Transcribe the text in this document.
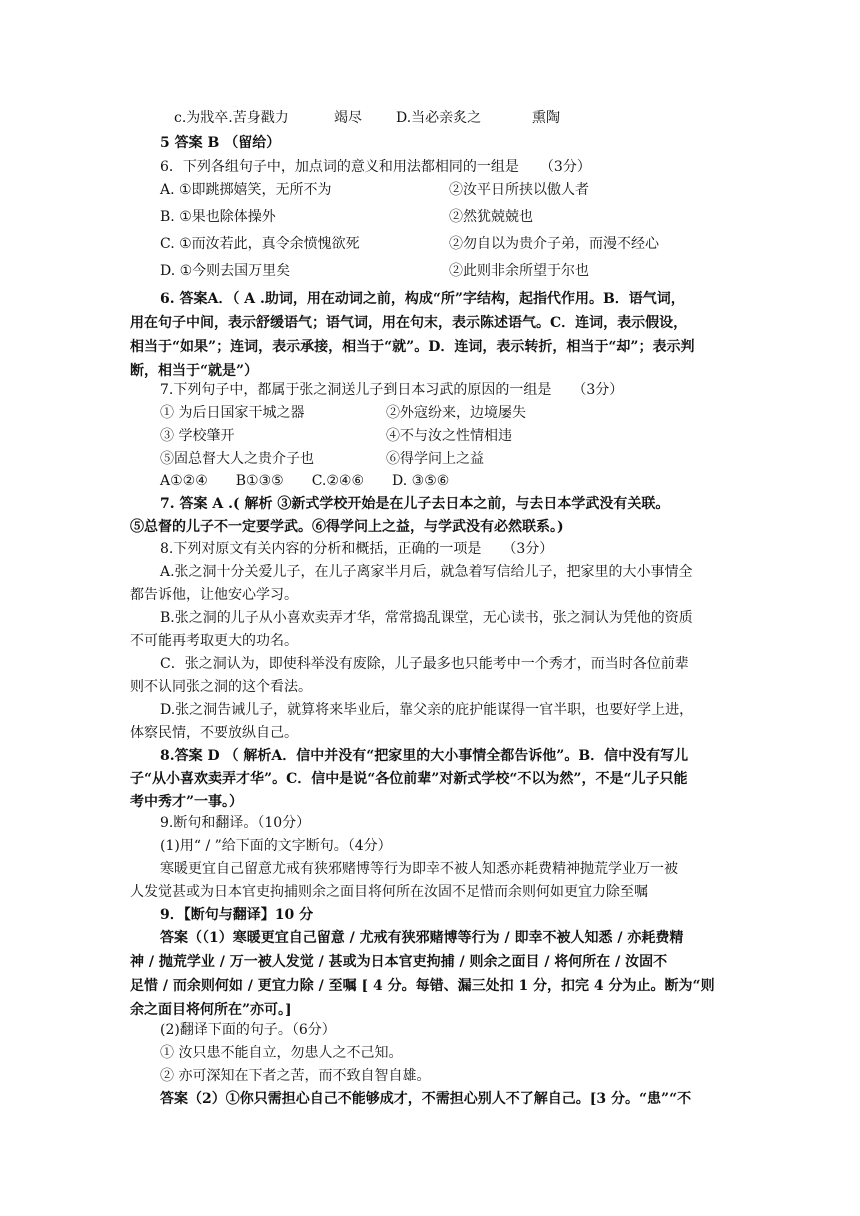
c.为戕卒.苦身戳力	竭尽 D.当必亲炙之	熏陶
5 答案 B （留给）
6．下列各组句子中，加点词的意义和用法都相同的一组是　　（3分）
A. ①即跳掷嬉笑，无所不为	②汝平日所挟以傲人者
B. ①果也除体操外	②然犹兢兢也
C. ①而汝若此，真令余愤愧欲死	②勿自以为贵介子弟，而漫不经心
D. ①今则去国万里矣	②此则非余所望于尔也
6. 答案A．（ A .助词，用在动词之前，构成“所”字结构，起指代作用。B．语气词，
用在句子中间，表示舒缓语气；语气词，用在句末，表示陈述语气。C．连词，表示假设，
相当于“如果”；连词，表示承接，相当于“就”。D．连词，表示转折，相当于“却”；表示判
断，相当于“就是”）
7.下列句子中，都属于张之洞送儿子到日本习武的原因的一组是　　（3分）
① 为后日国家干城之器	②外寇纷来，边境屡失
③ 学校肇开	④不与汝之性情相违
⑤固总督大人之贵介子也	⑥得学问上之益
A①②④　　B①③⑤　　C.②④⑥　　D. ③⑤⑥
7. 答案 A .( 解析 ③新式学校开始是在儿子去日本之前，与去日本学武没有关联。
⑤总督的儿子不一定要学武。⑥得学问上之益，与学武没有必然联系。)
8.下列对原文有关内容的分析和概括，正确的一项是　　（3分）
A.张之洞十分关爱儿子，在儿子离家半月后，就急着写信给儿子，把家里的大小事情全
都告诉他，让他安心学习。
B.张之洞的儿子从小喜欢卖弄才华，常常捣乱课堂，无心读书，张之洞认为凭他的资质
不可能再考取更大的功名。
C．张之洞认为，即使科举没有废除，儿子最多也只能考中一个秀才，而当时各位前辈
则不认同张之洞的这个看法。
D.张之洞告诫儿子，就算将来毕业后，靠父亲的庇护能谋得一官半职，也要好学上进，
体察民情，不要放纵自己。
8.答案 D （ 解析A．信中并没有“把家里的大小事情全都告诉他”。B．信中没有写儿
子“从小喜欢卖弄才华”。C．信中是说“各位前辈”对新式学校“不以为然”，不是“儿子只能
考中秀才”一事。）
9.断句和翻译。（10分）
(1)用“ / ”给下面的文字断句。（4分）
寒暖更宜自己留意尤戒有狭邪赌博等行为即幸不被人知悉亦耗费精神抛荒学业万一被
人发觉甚或为日本官吏拘捕则余之面目将何所在汝固不足惜而余则何如更宜力除至嘱
9．【断句与翻译】10 分
答案（（1）寒暖更宜自己留意 / 尤戒有狭邪赌博等行为 / 即幸不被人知悉 / 亦耗费精
神 / 抛荒学业 / 万一被人发觉 / 甚或为日本官吏拘捕 / 则余之面目 / 将何所在 / 汝固不
足惜 / 而余则何如 / 更宜力除 / 至嘱 [ 4 分。每错、漏三处扣 1 分，扣完 4 分为止。断为“则
余之面目将何所在”亦可。]
(2)翻译下面的句子。（6分）
① 汝只患不能自立，勿患人之不己知。
② 亦可深知在下者之苦，而不致自智自雄。
答案（2）①你只需担心自己不能够成才，不需担心别人不了解自己。[3 分。“患”“不
